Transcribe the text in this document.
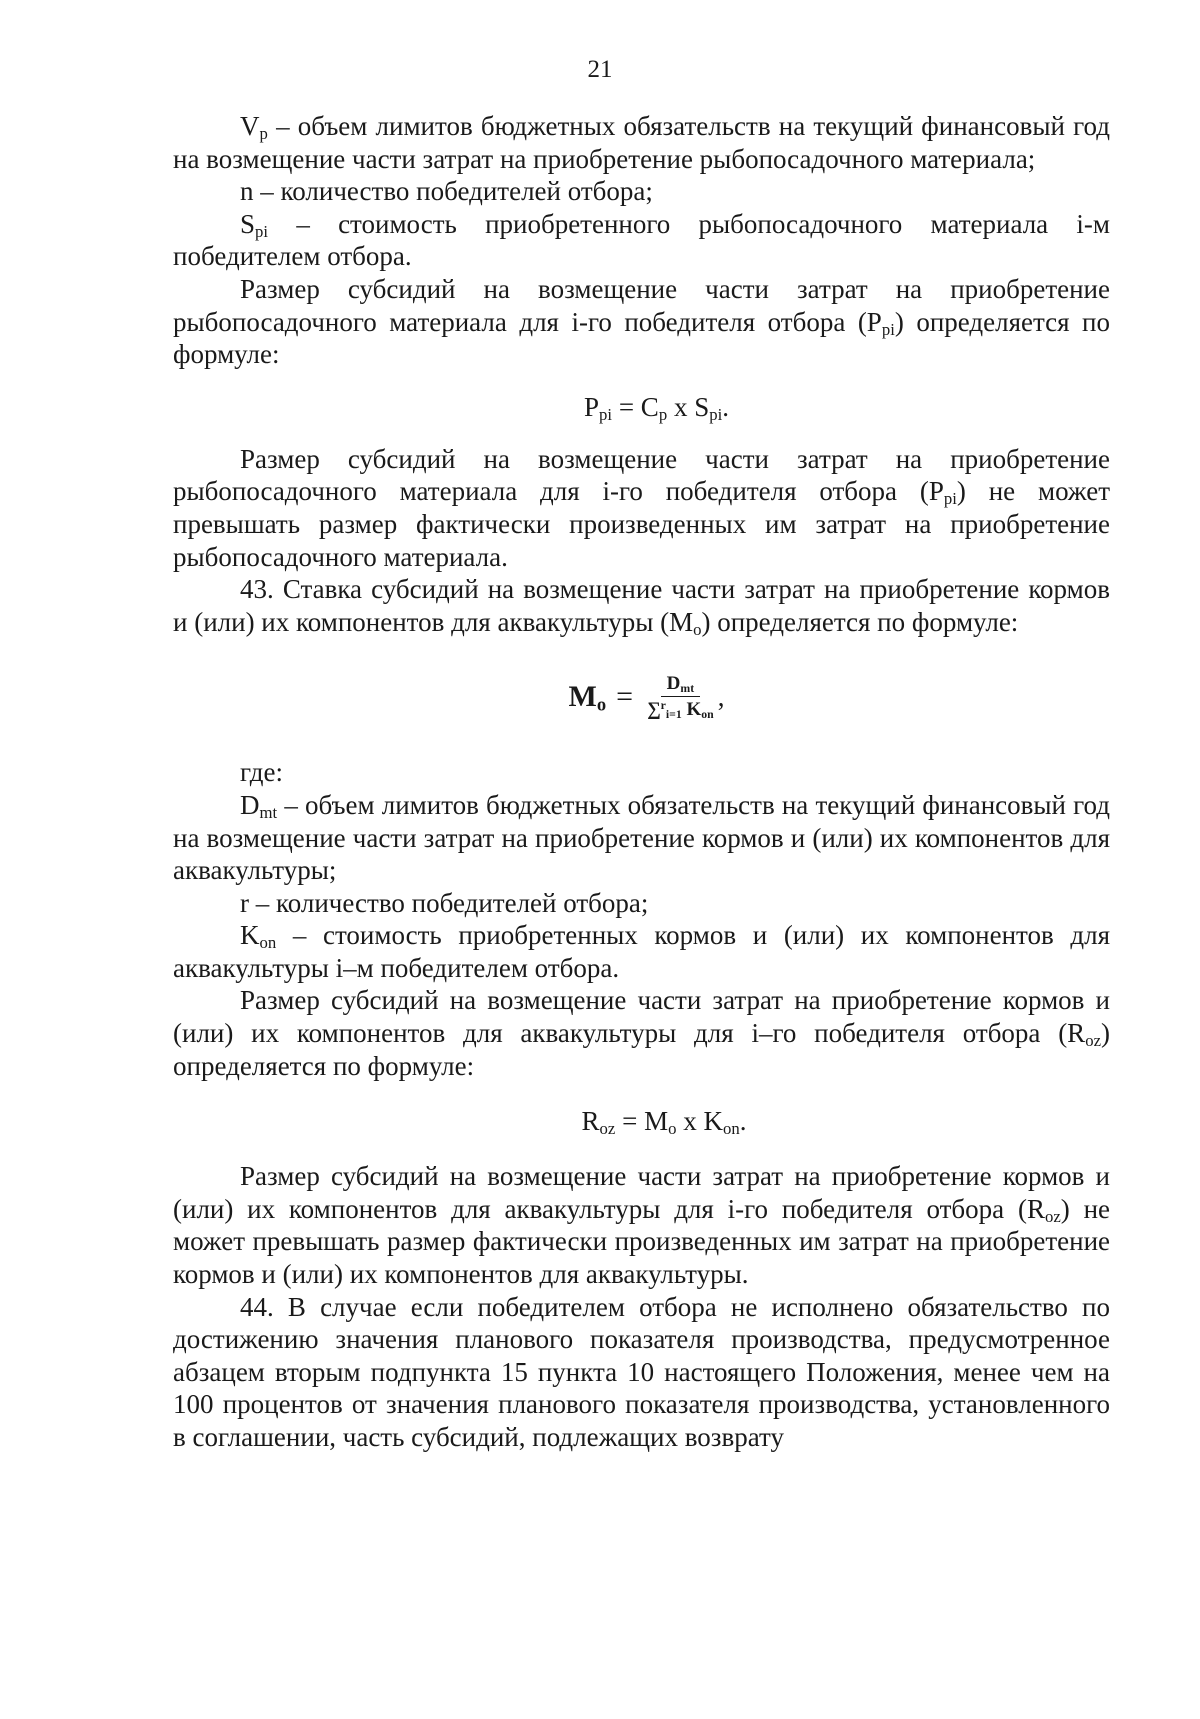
21

$V_p$ – объем лимитов бюджетных обязательств на текущий финансовый год на возмещение части затрат на приобретение рыбопосадочного материала;

n – количество победителей отбора;

$S_{pi}$ – стоимость приобретенного рыбопосадочного материала i-м победителем отбора.

Размер субсидий на возмещение части затрат на приобретение рыбопосадочного материала для i-го победителя отбора $(P_{pi})$ определяется по формуле:

$P_{pi} = C_p$ x $S_{pi}$.

Размер субсидий на возмещение части затрат на приобретение рыбопосадочного материала для i-го победителя отбора $(P_{pi})$ не может превышать размер фактически произведенных им затрат на приобретение рыбопосадочного материала.

43. Ставка субсидий на возмещение части затрат на приобретение кормов и (или) их компонентов для аквакультуры $(M_o)$ определяется по формуле:

$M_o = \frac{D_{mt}}{\sum^r_{i=1} K_{on}}$ ,

где:

$D_{mt}$ – объем лимитов бюджетных обязательств на текущий финансовый год на возмещение части затрат на приобретение кормов и (или) их компонентов для аквакультуры;

r – количество победителей отбора;

$K_{on}$ – стоимость приобретенных кормов и (или) их компонентов для аквакультуры i–м победителем отбора.

Размер субсидий на возмещение части затрат на приобретение кормов и (или) их компонентов для аквакультуры для i–го победителя отбора $(R_{oz})$ определяется по формуле:

$R_{oz} = M_o$ x $K_{on}$.

Размер субсидий на возмещение части затрат на приобретение кормов и (или) их компонентов для аквакультуры для i-го победителя отбора $(R_{oz})$ не может превышать размер фактически произведенных им затрат на приобретение кормов и (или) их компонентов для аквакультуры.

44. В случае если победителем отбора не исполнено обязательство по достижению значения планового показателя производства, предусмотренное абзацем вторым подпункта 15 пункта 10 настоящего Положения, менее чем на 100 процентов от значения планового показателя производства, установленного в соглашении, часть субсидий, подлежащих возврату
